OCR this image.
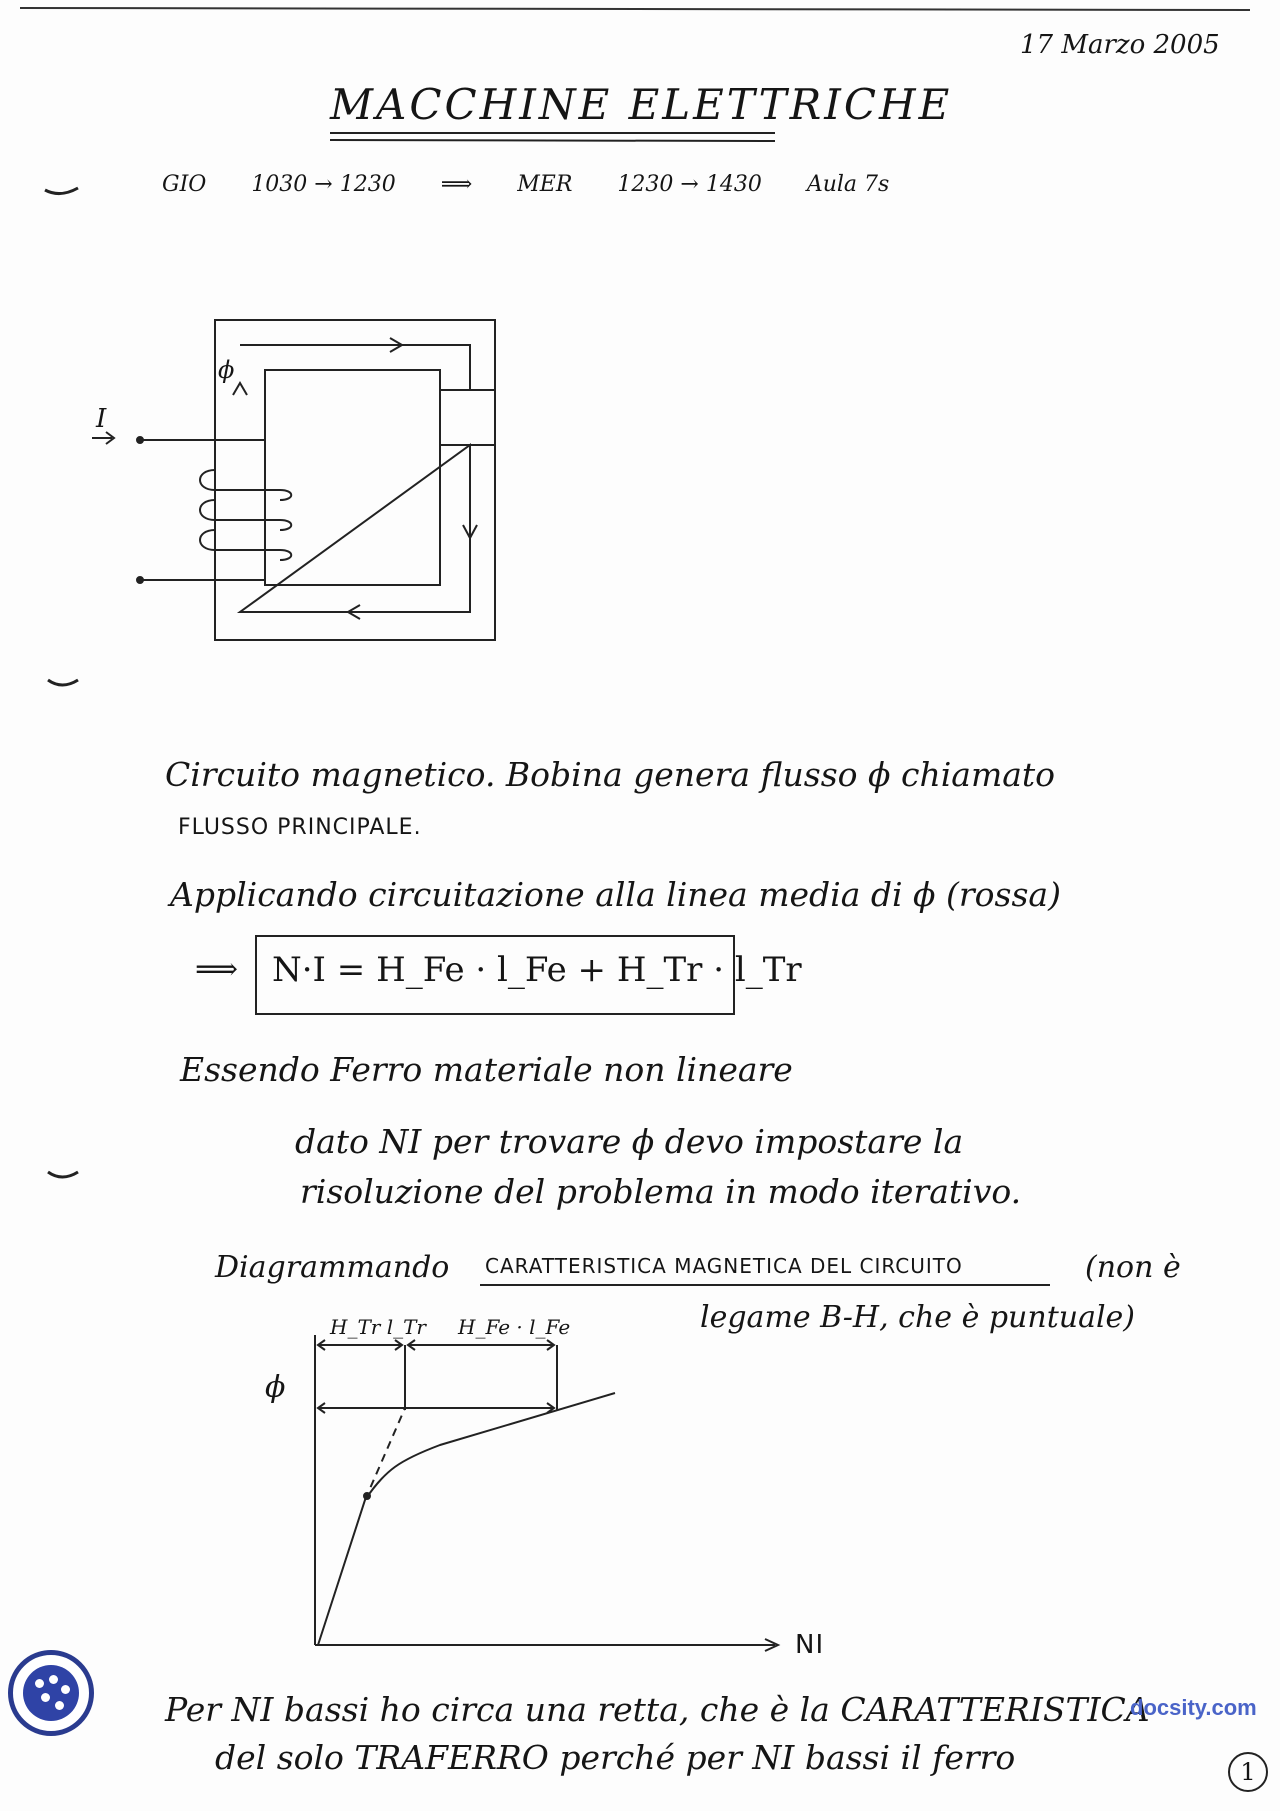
17 Marzo 2005
MACCHINE ELETTRICHE
GIO 1030 → 1230 ⟹ MER 1230 → 1430 Aula 7s
I
ϕ
Circuito magnetico. Bobina genera flusso ϕ chiamato
FLUSSO PRINCIPALE.
Applicando circuitazione alla linea media di ϕ (rossa)
⟹ N·I = H_Fe · l_Fe + H_Tr · l_Tr
Essendo Ferro materiale non lineare
dato NI per trovare ϕ devo impostare la
risoluzione del problema in modo iterativo.
Diagrammando CARATTERISTICA MAGNETICA DEL CIRCUITO	(non è
legame B-H, che è puntuale)
ϕ
NI
H_Tr l_Tr H_Fe · l_Fe
Per NI bassi ho circa una retta, che è la CARATTERISTICA
del solo TRAFERRO perché per NI bassi il ferro
docsity.com
1
